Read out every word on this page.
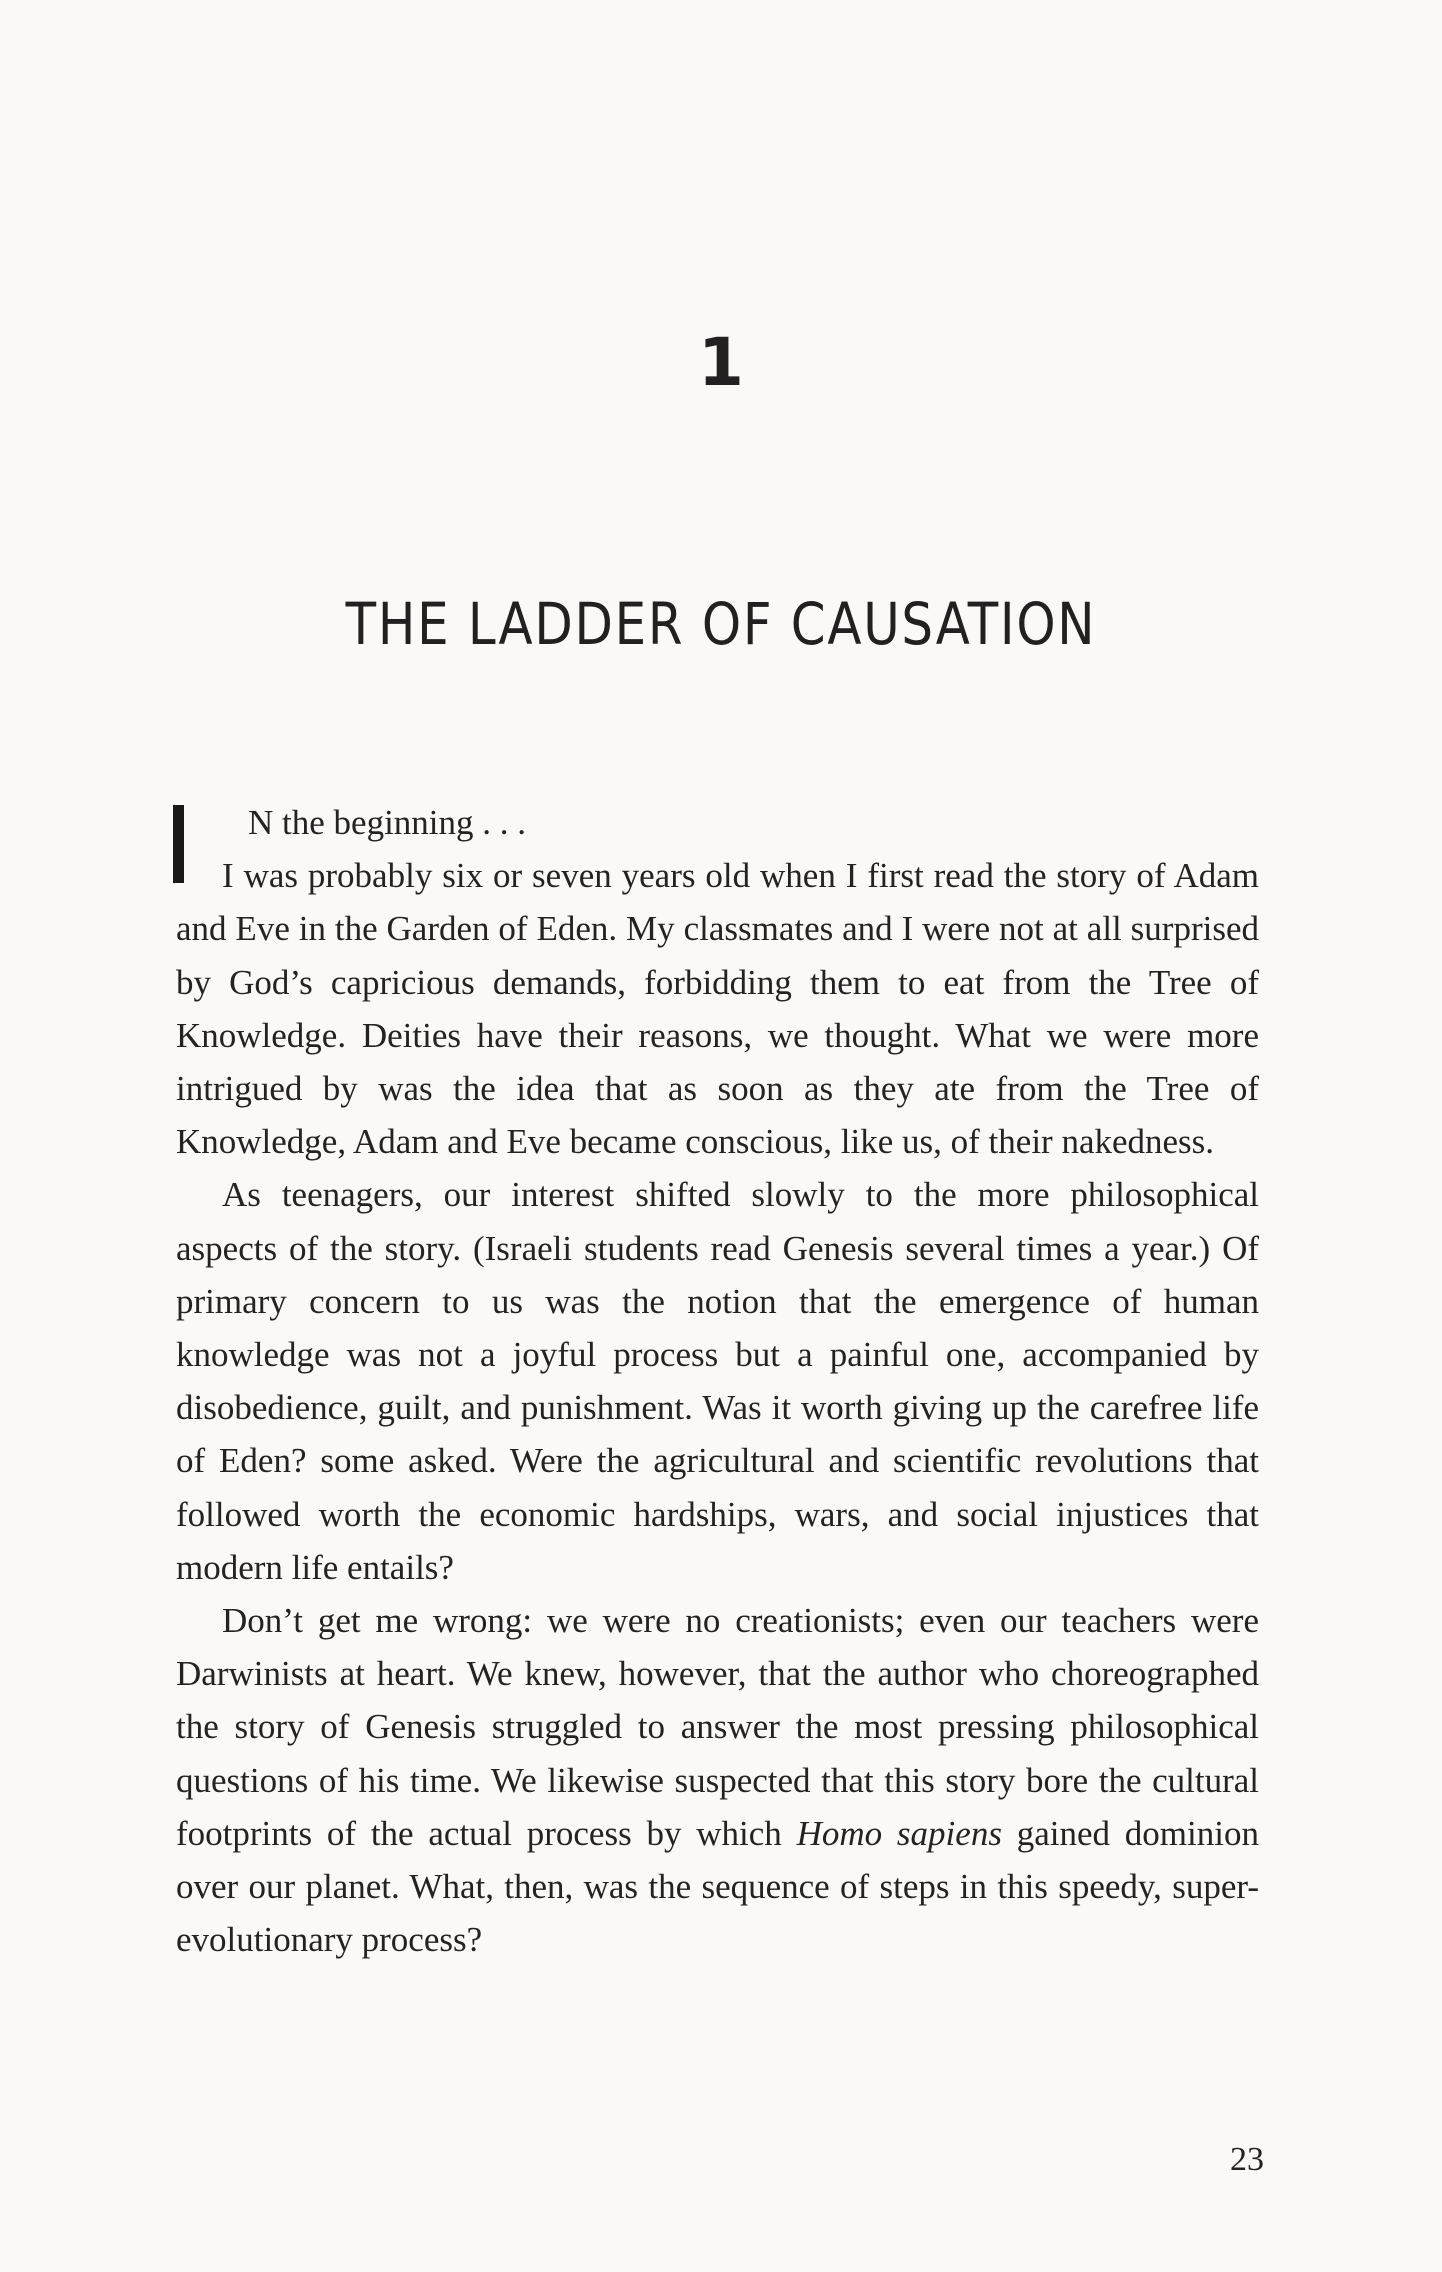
1
THE LADDER OF CAUSATION

N the beginning . . .

I was probably six or seven years old when I first read the story of Adam and Eve in the Garden of Eden. My classmates and I were not at all surprised by God’s capricious demands, forbidding them to eat from the Tree of Knowledge. Deities have their reasons, we thought. What we were more intrigued by was the idea that as soon as they ate from the Tree of Knowledge, Adam and Eve became conscious, like us, of their nakedness.

As teenagers, our interest shifted slowly to the more philosophical aspects of the story. (Israeli students read Genesis several times a year.) Of primary concern to us was the notion that the emergence of human knowledge was not a joyful process but a painful one, accompanied by disobedience, guilt, and punishment. Was it worth giving up the carefree life of Eden? some asked. Were the agricultural and scientific revolutions that followed worth the economic hardships, wars, and social injustices that modern life entails?

Don’t get me wrong: we were no creationists; even our teachers were Darwinists at heart. We knew, however, that the author who choreographed the story of Genesis struggled to answer the most pressing philosophical questions of his time. We likewise suspected that this story bore the cultural footprints of the actual process by which Homo sapiens gained dominion over our planet. What, then, was the sequence of steps in this speedy, super-evolutionary process?

23
